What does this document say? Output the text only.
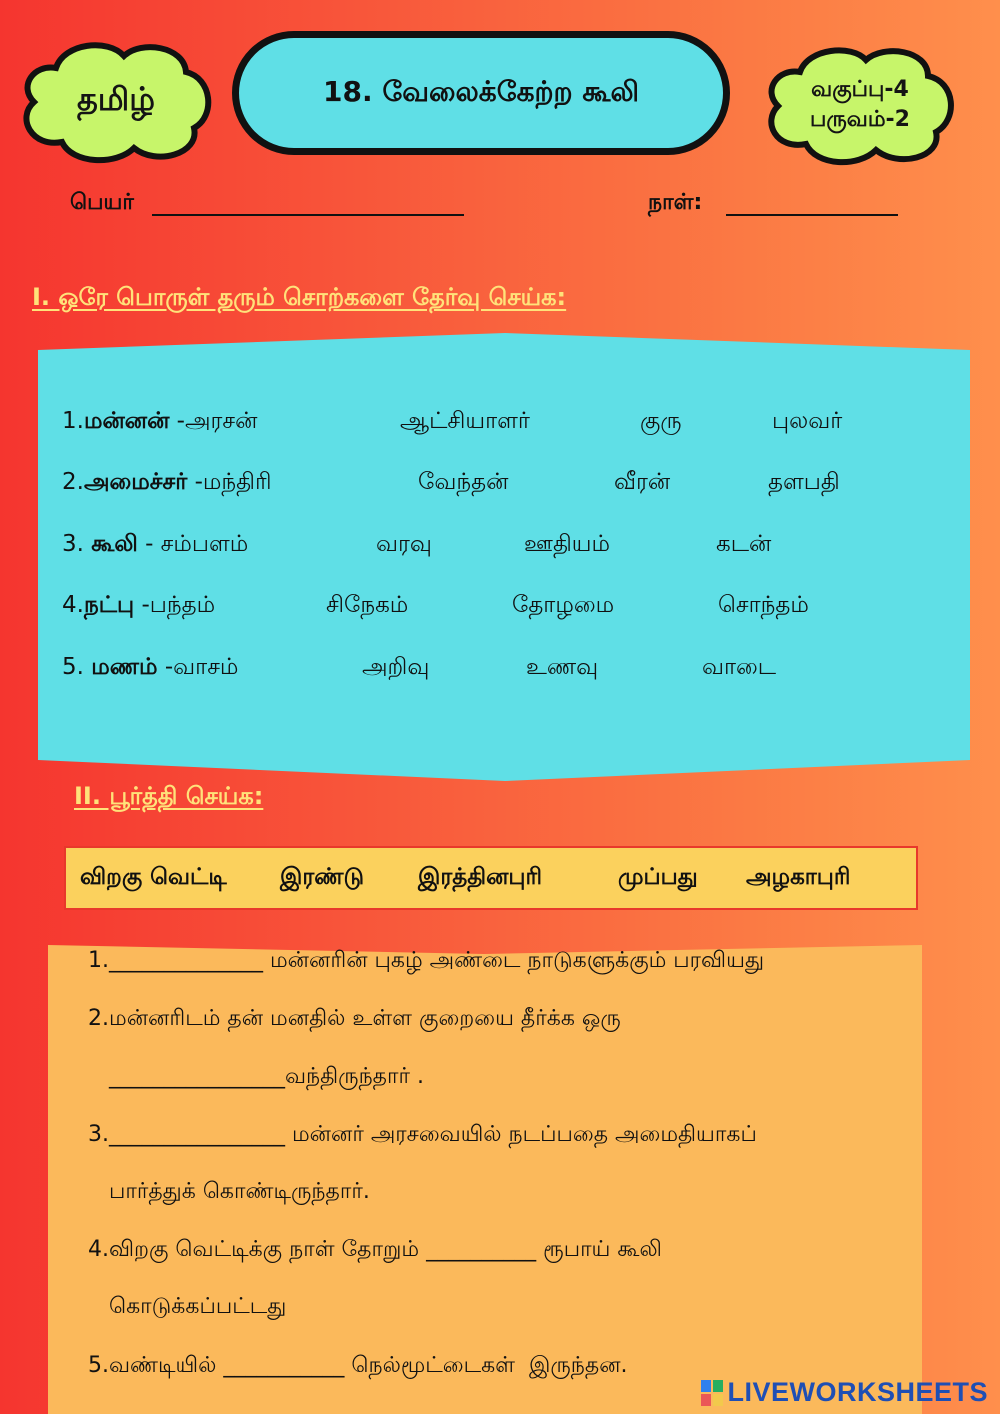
தமிழ்	18. வேலைக்கேற்ற கூலி	வகுப்பு-4
பருவம்-2
பெயர்	நாள்:
I. ஒரே பொருள் தரும் சொற்களை தேர்வு செய்க:
1.மன்னன் -அரசன்	ஆட்சியாளர்	குரு	புலவர்
2.அமைச்சர் -மந்திரி	வேந்தன்	வீரன்	தளபதி
3. கூலி - சம்பளம்	வரவு	ஊதியம்	கடன்
4.நட்பு -பந்தம்	சிநேகம்	தோழமை	சொந்தம்
5. மணம் -வாசம்	அறிவு	உணவு	வாடை
II. பூர்த்தி செய்க:
விறகு வெட்டி இரண்டு இரத்தினபுரி	முப்பது அழகாபுரி
1.______________ மன்னரின் புகழ் அண்டை நாடுகளுக்கும் பரவியது
2.மன்னரிடம் தன் மனதில் உள்ள குறையை தீர்க்க ஒரு
________________வந்திருந்தார் .
3.________________ மன்னர் அரசவையில் நடப்பதை அமைதியாகப்
பார்த்துக் கொண்டிருந்தார்.
4.விறகு வெட்டிக்கு நாள் தோறும் __________ ரூபாய் கூலி
கொடுக்கப்பட்டது
5.வண்டியில் ___________ நெல்மூட்டைகள்  இருந்தன.
LIVEWORKSHEETS
